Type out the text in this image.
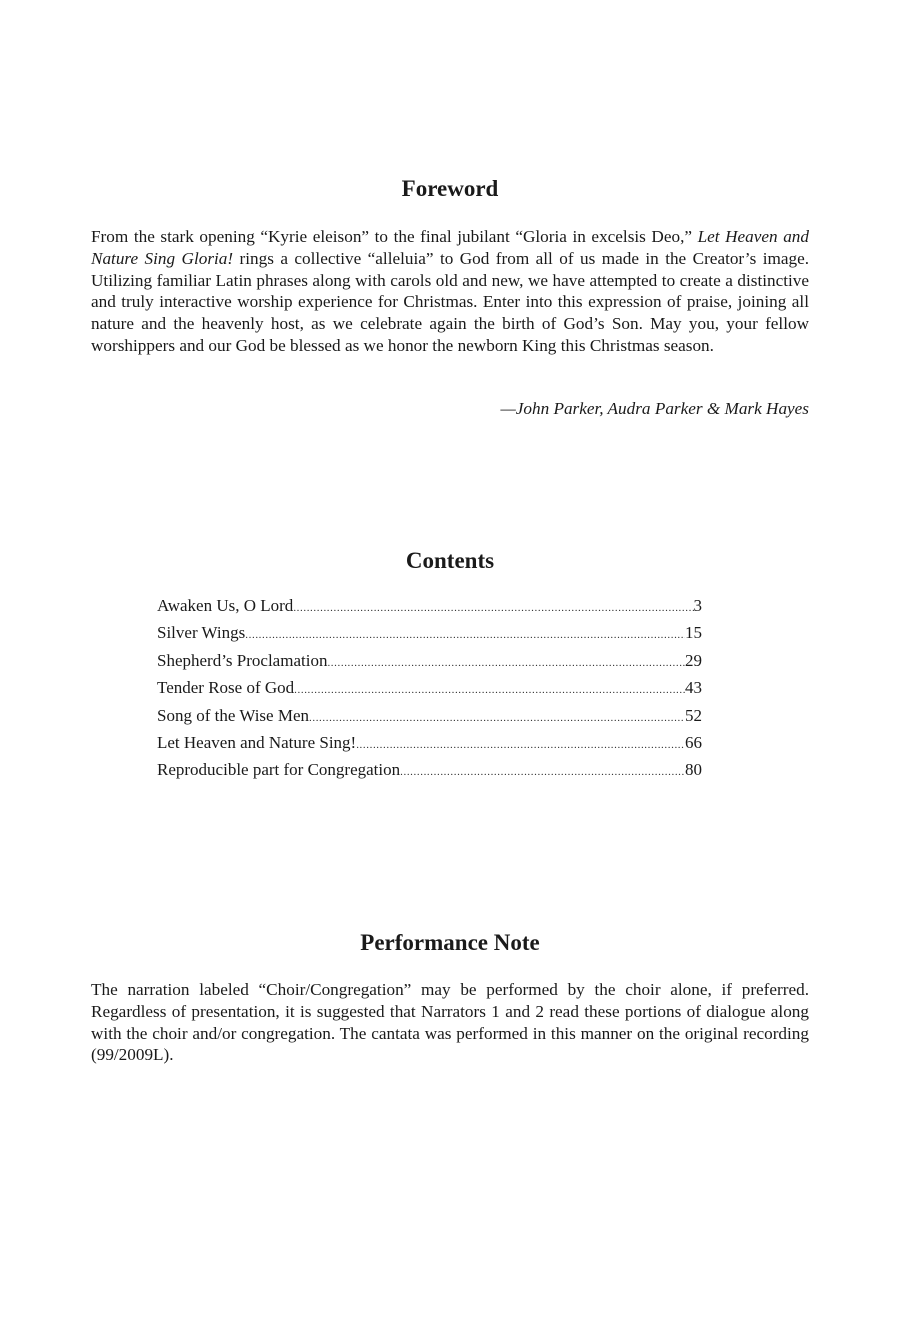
Foreword

From the stark opening “Kyrie eleison” to the final jubilant “Gloria in excelsis Deo,” Let Heaven and Nature Sing Gloria! rings a collective “alleluia” to God from all of us made in the Creator’s image. Utilizing familiar Latin phrases along with carols old and new, we have attempted to create a distinctive and truly interactive worship experience for Christmas. Enter into this expression of praise, joining all nature and the heavenly host, as we celebrate again the birth of God’s Son. May you, your fellow worshippers and our God be blessed as we honor the newborn King this Christmas season.

—John Parker, Audra Parker & Mark Hayes

Contents
Awaken Us, O Lord .....	3
Silver Wings .....	15
Shepherd’s Proclamation .....	29
Tender Rose of God .....	43
Song of the Wise Men .....	52
Let Heaven and Nature Sing! .....	66
Reproducible part for Congregation .....	80
Performance Note

The narration labeled “Choir/Congregation” may be performed by the choir alone, if preferred. Regardless of presentation, it is suggested that Narrators 1 and 2 read these portions of dialogue along with the choir and/or congregation. The cantata was performed in this manner on the original recording (99/2009L).
